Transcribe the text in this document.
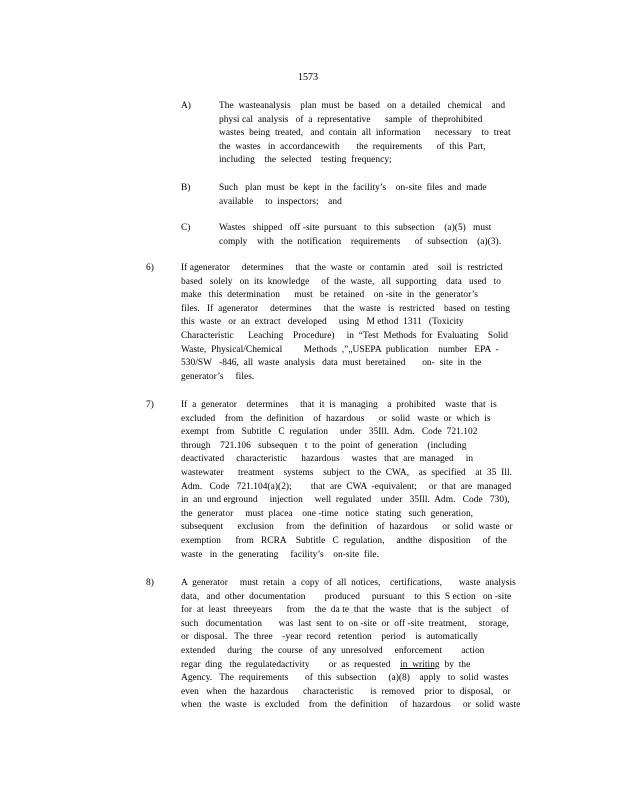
1573
A)	The  wasteanalysis    plan  must  be  based   on  a  detailed   chemical    and
physi cal  analysis   of  a  representative      sample   of  theprohibited
wastes  being  treated,   and  contain  all  information      necessary    to  treat
the  wastes   in  accordancewith       the  requirements      of  this  Part,
including    the  selected    testing  frequency;
B)	Such   plan  must  be  kept  in  the  facility’s    on-site  files  and  made
available     to  inspectors;    and
C)	Wastes   shipped   off -site  pursuant   to  this  subsection    (a)(5)   must
comply    with   the  notification    requirements      of  subsection    (a)(3).
6)	If agenerator     determines     that  the  waste  or  contamin   ated    soil  is  restricted
based   solely   on  its  knowledge     of  the  waste,   all  supporting    data   used   to
make   this  determination      must   be  retained    on -site  in  the  generator’s
files.   If  agenerator     determines     that  the  waste   is  restricted    based  on  testing
this  waste   or  an  extract   developed     using   M ethod  1311   (Toxicity
Characteristic      Leaching    Procedure)     in  “Test  Methods  for  Evaluating    Solid
Waste,  Physical/Chemical         Methods  ,”„USEPA  publication    number   EPA  -
530/SW   -846,  all  waste  analysis   data  must  beretained       on-  site  in  the
generator’s     files.
7)	If  a  generator    determines     that  it  is  managing    a  prohibited    waste  that  is
excluded    from   the  definition    of  hazardous      or  solid   waste  or  which  is
exempt   from   Subtitle   C  regulation     under   35Ill.  Adm.   Code  721.102
through    721.106   subsequen   t  to  the  point  of  generation    (including
deactivated     characteristic      hazardous     wastes   that  are  managed     in
wastewater      treatment    systems    subject   to  the  CWA,    as  specified    at  35  Ill.
Adm.   Code   721.104(a)(2);        that  are  CWA  -equivalent;     or  that  are  managed
in  an  und erground     injection     well  regulated    under   35Ill.  Adm.   Code   730),
the  generator     must  placea    one -time   notice   stating   such  generation,
subsequent      exclusion     from    the  definition    of  hazardous      or  solid  waste  or
exemption      from   RCRA    Subtitle   C  regulation,     andthe   disposition     of  the
waste   in  the  generating     facility’s    on-site  file.
8)	A  generator     must  retain   a  copy  of  all  notices,    certifications,       waste  analysis
data,   and  other  documentation        produced     pursuant    to  this  S ection   on -site
for  at  least   threeyears      from    the  da te  that  the  waste   that  is  the  subject    of
such   documentation       was  last  sent  to  on -site  or  off -site  treatment,     storage,
or  disposal.   The  three    -year  record   retention    period    is  automatically
extended     during    the  course   of  any  unresolved     enforcement        action
regar  ding   the  regulatedactivity        or  as  requested    in  writing  by  the
Agency.   The  requirements       of  this  subsection     (a)(8)    apply   to  solid  wastes
even   when   the  hazardous      characteristic       is  removed    prior  to  disposal,    or
when   the  waste   is  excluded    from   the  definition     of  hazardous     or  solid  waste
